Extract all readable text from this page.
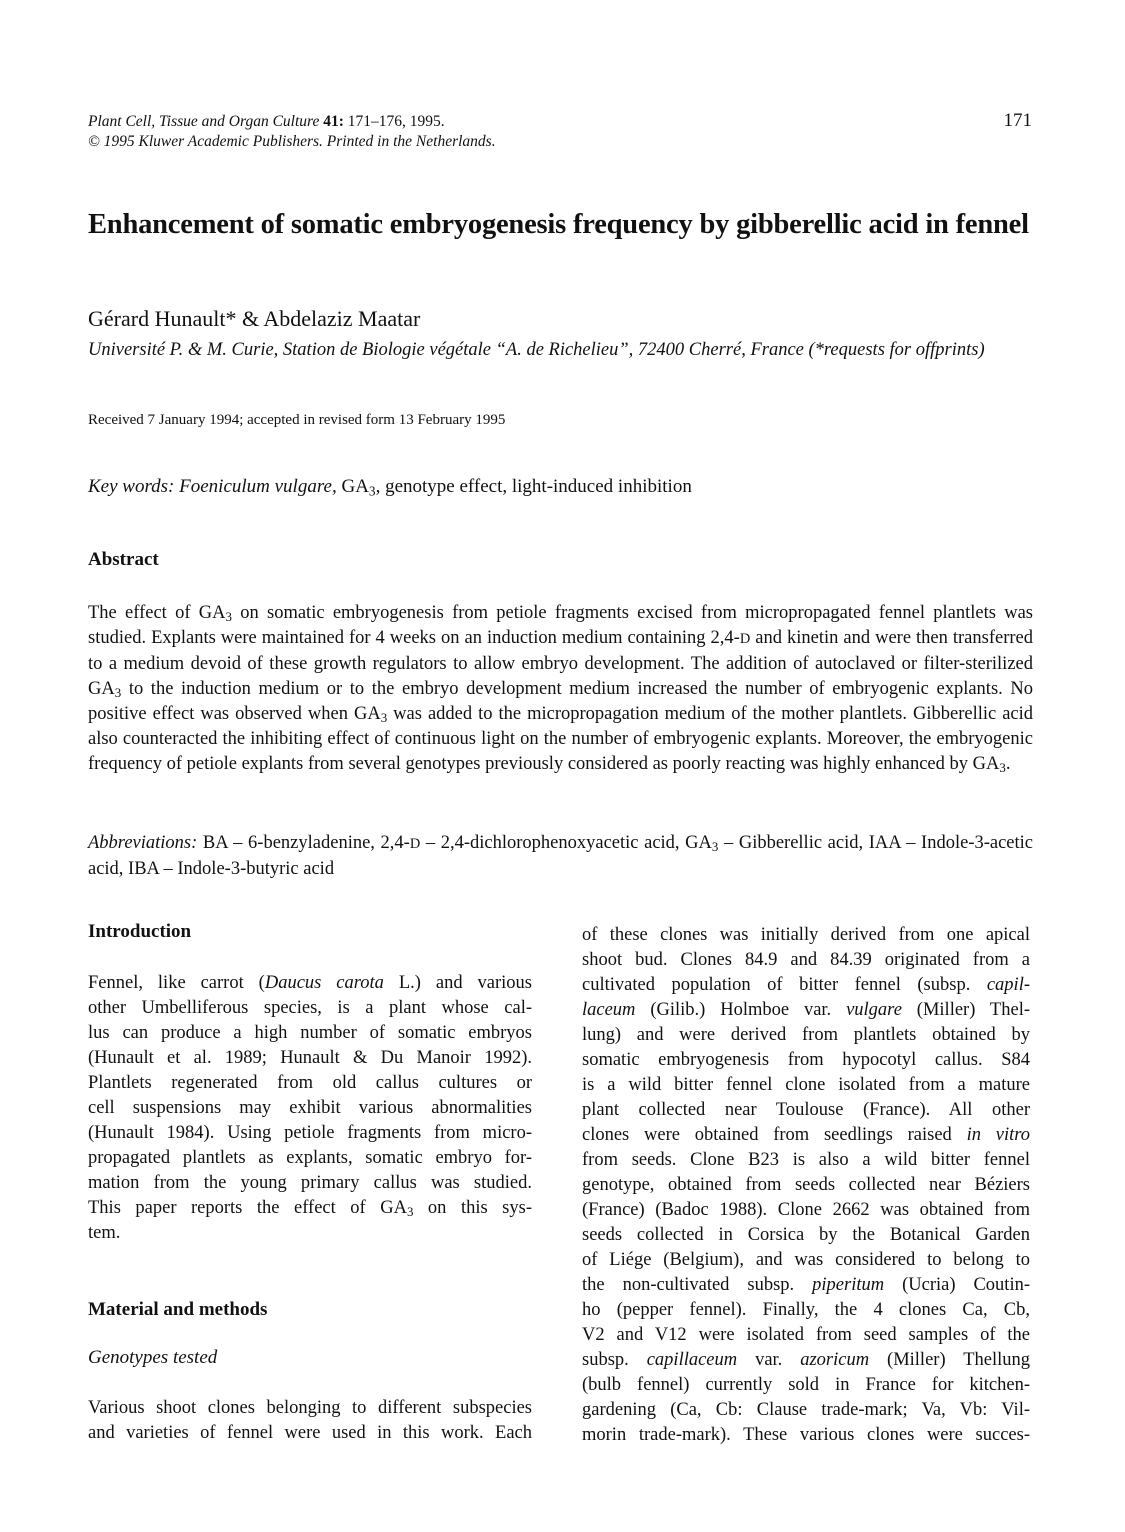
Plant Cell, Tissue and Organ Culture 41: 171–176, 1995.
© 1995 Kluwer Academic Publishers. Printed in the Netherlands.
171
Enhancement of somatic embryogenesis frequency by gibberellic acid in fennel
Gérard Hunault* & Abdelaziz Maatar
Université P. & M. Curie, Station de Biologie végétale “A. de Richelieu”, 72400 Cherré, France (*requests for offprints)
Received 7 January 1994; accepted in revised form 13 February 1995
Key words: Foeniculum vulgare, $GA_3$, genotype effect, light-induced inhibition
Abstract
The effect of $GA_3$ on somatic embryogenesis from petiole fragments excised from micropropagated fennel plantlets was studied. Explants were maintained for 4 weeks on an induction medium containing 2,4-D and kinetin and were then transferred to a medium devoid of these growth regulators to allow embryo development. The addition of autoclaved or filter-sterilized $GA_3$ to the induction medium or to the embryo development medium increased the number of embryogenic explants. No positive effect was observed when $GA_3$ was added to the micropropagation medium of the mother plantlets. Gibberellic acid also counteracted the inhibiting effect of continuous light on the number of embryogenic explants. Moreover, the embryogenic frequency of petiole explants from several genotypes previously considered as poorly reacting was highly enhanced by $GA_3$.
Abbreviations: BA – 6-benzyladenine, 2,4-D – 2,4-dichlorophenoxyacetic acid, $GA_3$ – Gibberellic acid, IAA – Indole-3-acetic acid, IBA – Indole-3-butyric acid
Introduction
Fennel, like carrot (Daucus carota L.) and various
other Umbelliferous species, is a plant whose cal-
lus can produce a high number of somatic embryos
(Hunault et al. 1989; Hunault & Du Manoir 1992).
Plantlets regenerated from old callus cultures or
cell suspensions may exhibit various abnormalities
(Hunault 1984). Using petiole fragments from micro-
propagated plantlets as explants, somatic embryo for-
mation from the young primary callus was studied.
This paper reports the effect of $GA_3$ on this sys-
tem.
Material and methods
Genotypes tested
Various shoot clones belonging to different subspecies
and varieties of fennel were used in this work. Each
of these clones was initially derived from one apical
shoot bud. Clones 84.9 and 84.39 originated from a
cultivated population of bitter fennel (subsp. capil-
laceum (Gilib.) Holmboe var. vulgare (Miller) Thel-
lung) and were derived from plantlets obtained by
somatic embryogenesis from hypocotyl callus. S84
is a wild bitter fennel clone isolated from a mature
plant collected near Toulouse (France). All other
clones were obtained from seedlings raised in vitro
from seeds. Clone B23 is also a wild bitter fennel
genotype, obtained from seeds collected near Béziers
(France) (Badoc 1988). Clone 2662 was obtained from
seeds collected in Corsica by the Botanical Garden
of Liége (Belgium), and was considered to belong to
the non-cultivated subsp. piperitum (Ucria) Coutin-
ho (pepper fennel). Finally, the 4 clones Ca, Cb,
V2 and V12 were isolated from seed samples of the
subsp. capillaceum var. azoricum (Miller) Thellung
(bulb fennel) currently sold in France for kitchen-
gardening (Ca, Cb: Clause trade-mark; Va, Vb: Vil-
morin trade-mark). These various clones were succes-
